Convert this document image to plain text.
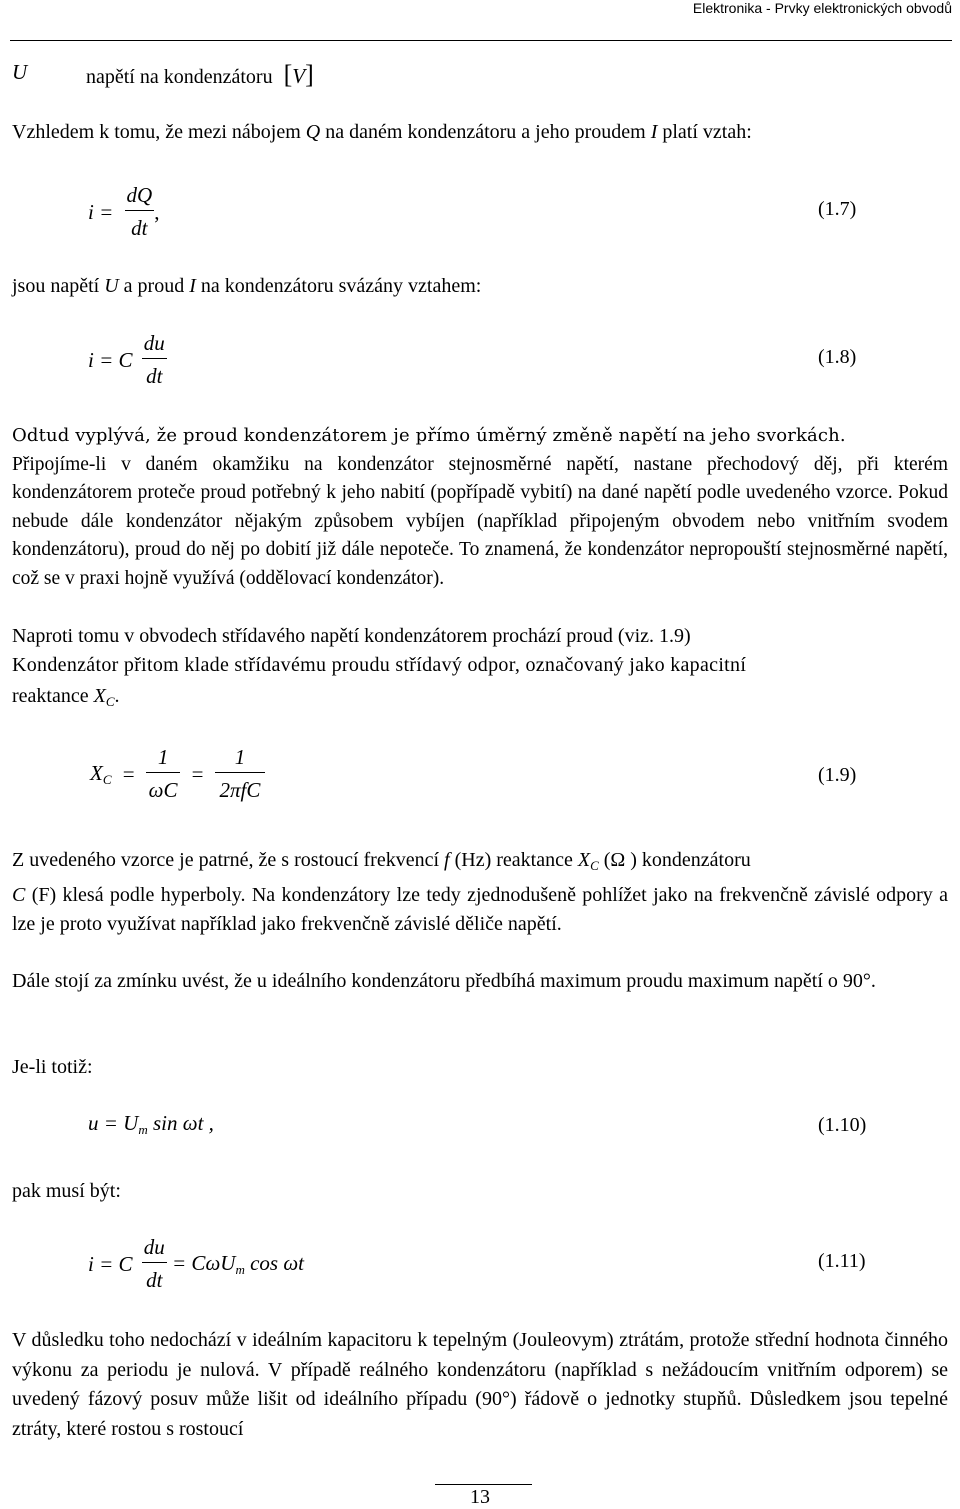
Elektronika - Prvky elektronických obvodů
U	napětí na kondenzátoru [V]
Vzhledem k tomu, že mezi nábojem Q na daném kondenzátoru a jeho proudem I platí vztah:
$i = \frac{dQ}{dt}$ ,	(1.7)
jsou napětí U a proud I na kondenzátoru svázány vztahem:
i = C $\frac{du}{dt}$	(1.8)
Odtud vyplývá, že proud kondenzátorem je přímo úměrný změně napětí na jeho svorkách.
Připojíme-li v daném okamžiku na kondenzátor stejnosměrné napětí, nastane přechodový děj, při kterém kondenzátorem proteče proud potřebný k jeho nabití (popřípadě vybití) na dané napětí podle uvedeného vzorce. Pokud nebude dále kondenzátor nějakým způsobem vybíjen (například připojeným obvodem nebo vnitřním svodem kondenzátoru), proud do něj po dobití již dále nepoteče. To znamená, že kondenzátor nepropouští stejnosměrné napětí, což se v praxi hojně využívá (oddělovací kondenzátor).
Naproti tomu v obvodech střídavého napětí kondenzátorem prochází proud (viz. 1.9)
Kondenzátor přitom klade střídavému proudu střídavý odpor, označovaný jako kapacitní
reaktance $X_C$.
$X_C = \frac{1}{\omega C} = \frac{1}{\text{2πfC}}$	(1.9)
Z uvedeného vzorce je patrné, že s rostoucí frekvencí f (Hz) reaktance $X_C$ (Ω ) kondenzátoru
C (F) klesá podle hyperboly. Na kondenzátory lze tedy zjednodušeně pohlížet jako na frekvenčně závislé odpory a lze je proto využívat například jako frekvenčně závislé děliče napětí.
Dále stojí za zmínku uvést, že u ideálního kondenzátoru předbíhá maximum proudu maximum napětí o 90°.
Je-li totiž:
$u = U_m$ sin ωt ,	(1.10)
pak musí být:
i = C $\frac{du}{dt} = C\omega U_m$ cos ωt	(1.11)
V důsledku toho nedochází v ideálním kapacitoru k tepelným (Jouleovym) ztrátám, protože střední hodnota činného výkonu za periodu je nulová. V případě reálného kondenzátoru (například s nežádoucím vnitřním odporem) se uvedený fázový posuv může lišit od ideálního případu (90°) řádově o jednotky stupňů. Důsledkem jsou tepelné ztráty, které rostou s rostoucí
13
